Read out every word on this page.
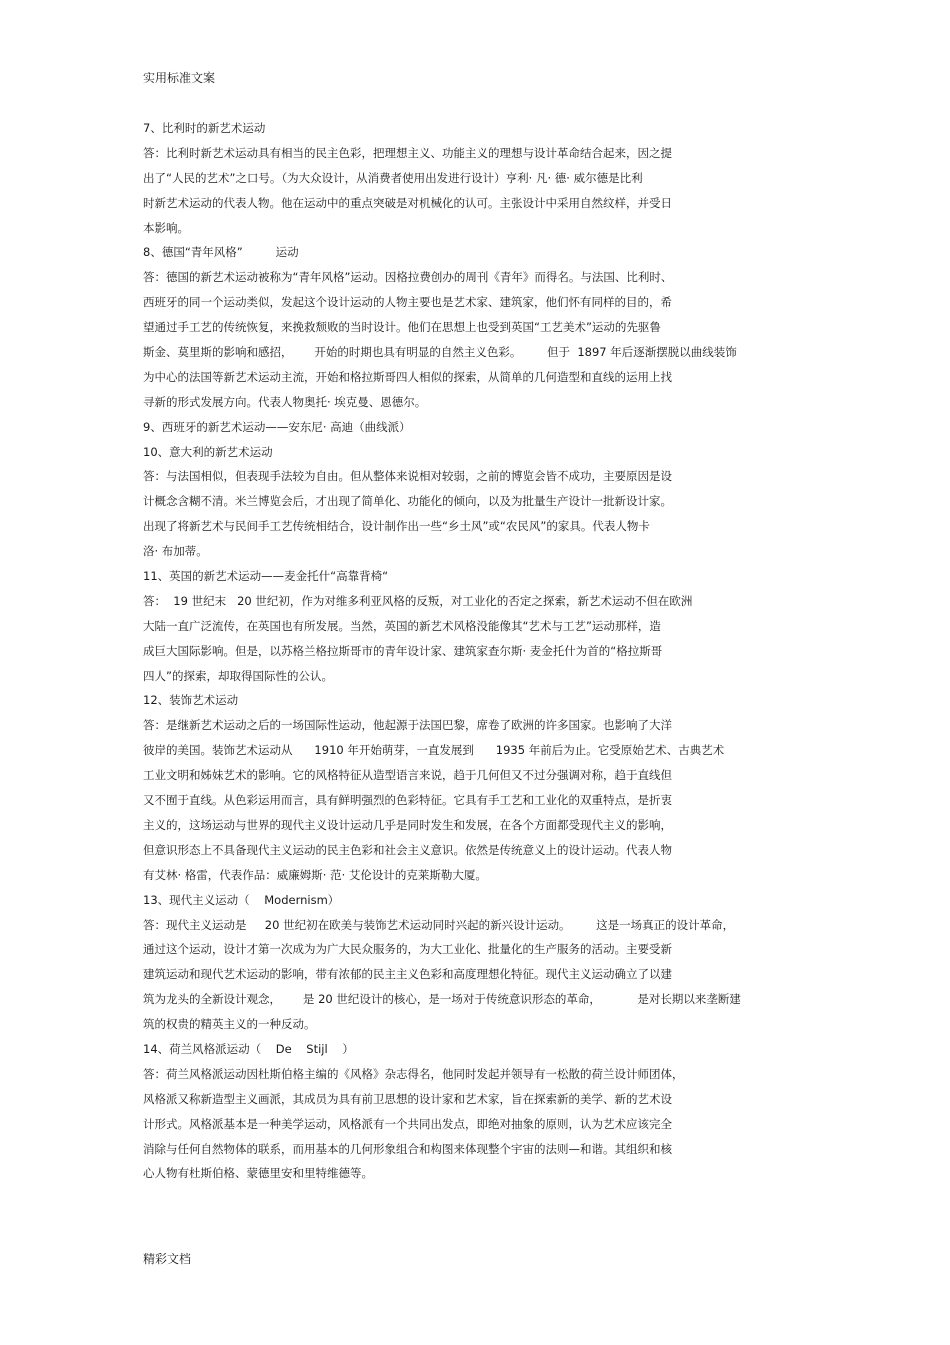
实用标准文案
7、比利时的新艺术运动
答：比利时新艺术运动具有相当的民主色彩，把理想主义、功能主义的理想与设计革命结合起来，因之提
出了“人民的艺术”之口号。（为大众设计，从消费者使用出发进行设计）亨利· 凡· 德· 威尔德是比利
时新艺术运动的代表人物。他在运动中的重点突破是对机械化的认可。主张设计中采用自然纹样，并受日
本影响。
8、德国“青年风格”         运动
答：德国的新艺术运动被称为“青年风格”运动。因格拉费创办的周刊《青年》而得名。与法国、比利时、
西班牙的同一个运动类似，发起这个设计运动的人物主要也是艺术家、建筑家，他们怀有同样的目的，希
望通过手工艺的传统恢复，来挽救颓败的当时设计。他们在思想上也受到英国“工艺美术”运动的先驱鲁
斯金、莫里斯的影响和感招，      开始的时期也具有明显的自然主义色彩。       但于  1897 年后逐渐摆脱以曲线装饰
为中心的法国等新艺术运动主流，开始和格拉斯哥四人相似的探索，从简单的几何造型和直线的运用上找
寻新的形式发展方向。代表人物奥托· 埃克曼、恩德尔。
9、西班牙的新艺术运动——安东尼· 高迪（曲线派）
10、意大利的新艺术运动
答：与法国相似，但表现手法较为自由。但从整体来说相对较弱，之前的博览会皆不成功，主要原因是设
计概念含糊不清。米兰博览会后，才出现了简单化、功能化的倾向，以及为批量生产设计一批新设计家。
出现了将新艺术与民间手工艺传统相结合，设计制作出一些“乡土风”或“农民风”的家具。代表人物卡
洛· 布加蒂。
11、英国的新艺术运动——麦金托什“高靠背椅“
答：  19 世纪末   20 世纪初，作为对维多利亚风格的反叛，对工业化的否定之探索，新艺术运动不但在欧洲
大陆一直广泛流传，在英国也有所发展。当然，英国的新艺术风格没能像其“艺术与工艺”运动那样，造
成巨大国际影响。但是，以苏格兰格拉斯哥市的青年设计家、建筑家查尔斯· 麦金托什为首的“格拉斯哥
四人”的探索，却取得国际性的公认。
12、装饰艺术运动
答：是继新艺术运动之后的一场国际性运动，他起源于法国巴黎，席卷了欧洲的许多国家。也影响了大洋
彼岸的美国。装饰艺术运动从      1910 年开始萌芽，一直发展到      1935 年前后为止。它受原始艺术、古典艺术
工业文明和姊妹艺术的影响。它的风格特征从造型语言来说，趋于几何但又不过分强调对称，趋于直线但
又不囿于直线。从色彩运用而言，具有鲜明强烈的色彩特征。它具有手工艺和工业化的双重特点，是折衷
主义的，这场运动与世界的现代主义设计运动几乎是同时发生和发展，在各个方面都受现代主义的影响，
但意识形态上不具备现代主义运动的民主色彩和社会主义意识。依然是传统意义上的设计运动。代表人物
有艾林· 格雷，代表作品：威廉姆斯· 范· 艾伦设计的克莱斯勒大厦。
13、现代主义运动（    Modernism）
答：现代主义运动是     20 世纪初在欧美与装饰艺术运动同时兴起的新兴设计运动。       这是一场真正的设计革命，
通过这个运动，设计才第一次成为为广大民众服务的，为大工业化、批量化的生产服务的活动。主要受新
建筑运动和现代艺术运动的影响，带有浓郁的民主主义色彩和高度理想化特征。现代主义运动确立了以建
筑为龙头的全新设计观念，      是 20 世纪设计的核心，是一场对于传统意识形态的革命，          是对长期以来垄断建
筑的权贵的精英主义的一种反动。
14、荷兰风格派运动（    De    Stijl    ）
答：荷兰风格派运动因杜斯伯格主编的《风格》杂志得名，他同时发起并领导有一松散的荷兰设计师团体，
风格派又称新造型主义画派，其成员为具有前卫思想的设计家和艺术家，旨在探索新的美学、新的艺术设
计形式。风格派基本是一种美学运动，风格派有一个共同出发点，即绝对抽象的原则，认为艺术应该完全
消除与任何自然物体的联系，而用基本的几何形象组合和构图来体现整个宇宙的法则—和谐。其组织和核
心人物有杜斯伯格、蒙德里安和里特维德等。
精彩文档
